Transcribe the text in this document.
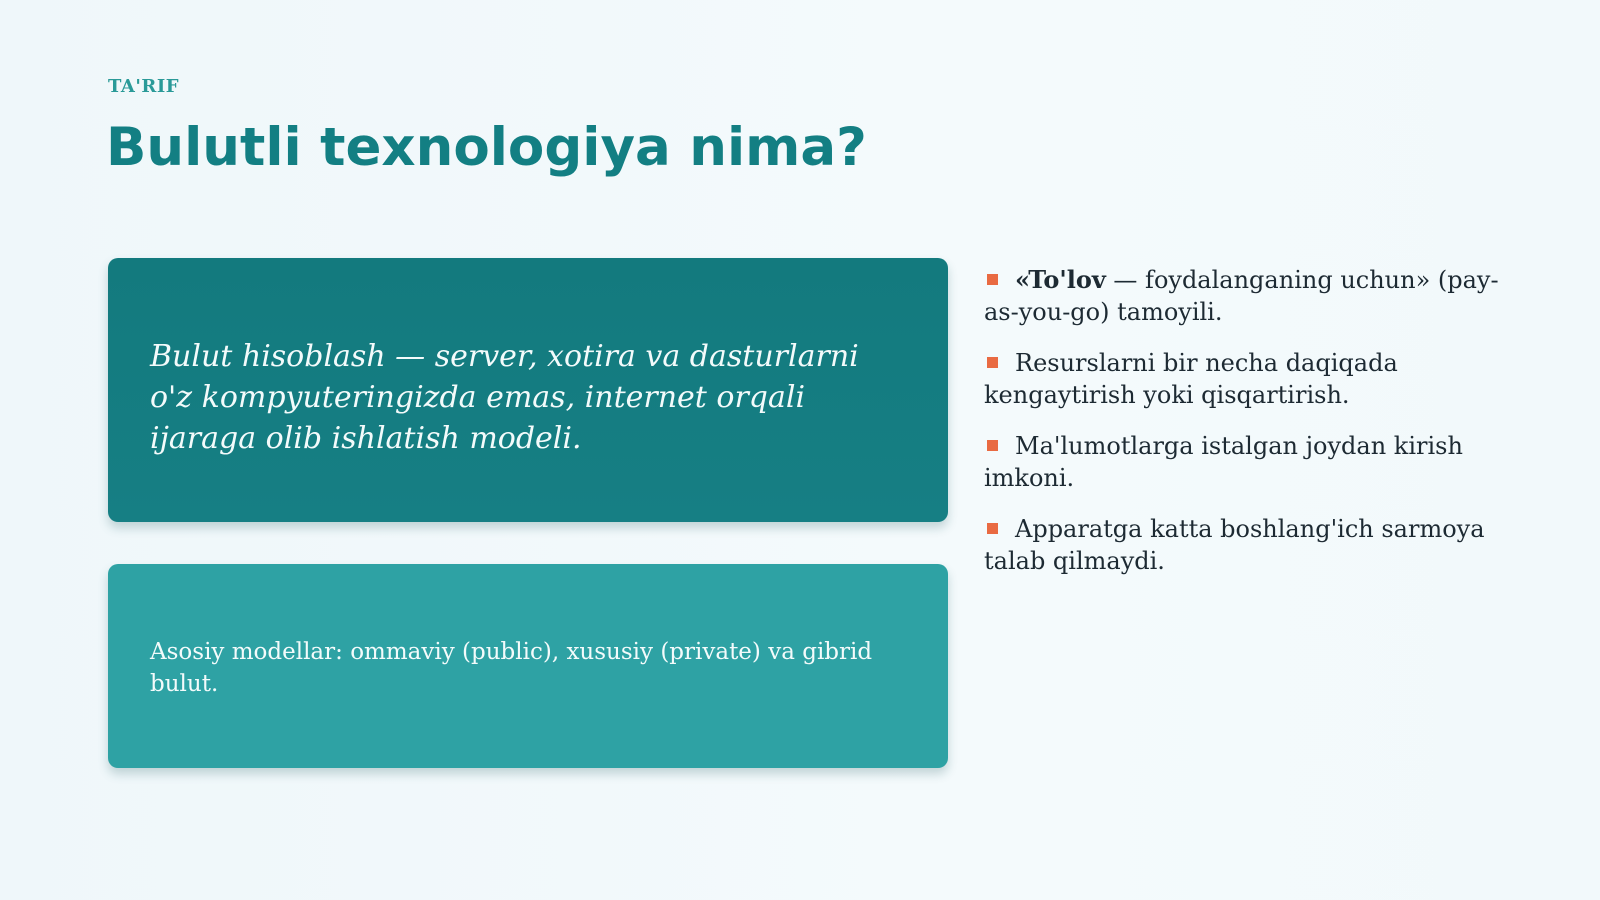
TA'RIF
Bulutli texnologiya nima?

Bulut hisoblash — server, xotira va dasturlarni o'z kompyuteringizda emas, internet orqali ijaraga olib ishlatish modeli.

Asosiy modellar: ommaviy (public), xususiy (private) va gibrid bulut.

«To'lov — foydalanganing uchun» (pay-as-you-go) tamoyili.
Resurslarni bir necha daqiqada kengaytirish yoki qisqartirish.
Ma'lumotlarga istalgan joydan kirish imkoni.
Apparatga katta boshlang'ich sarmoya talab qilmaydi.
